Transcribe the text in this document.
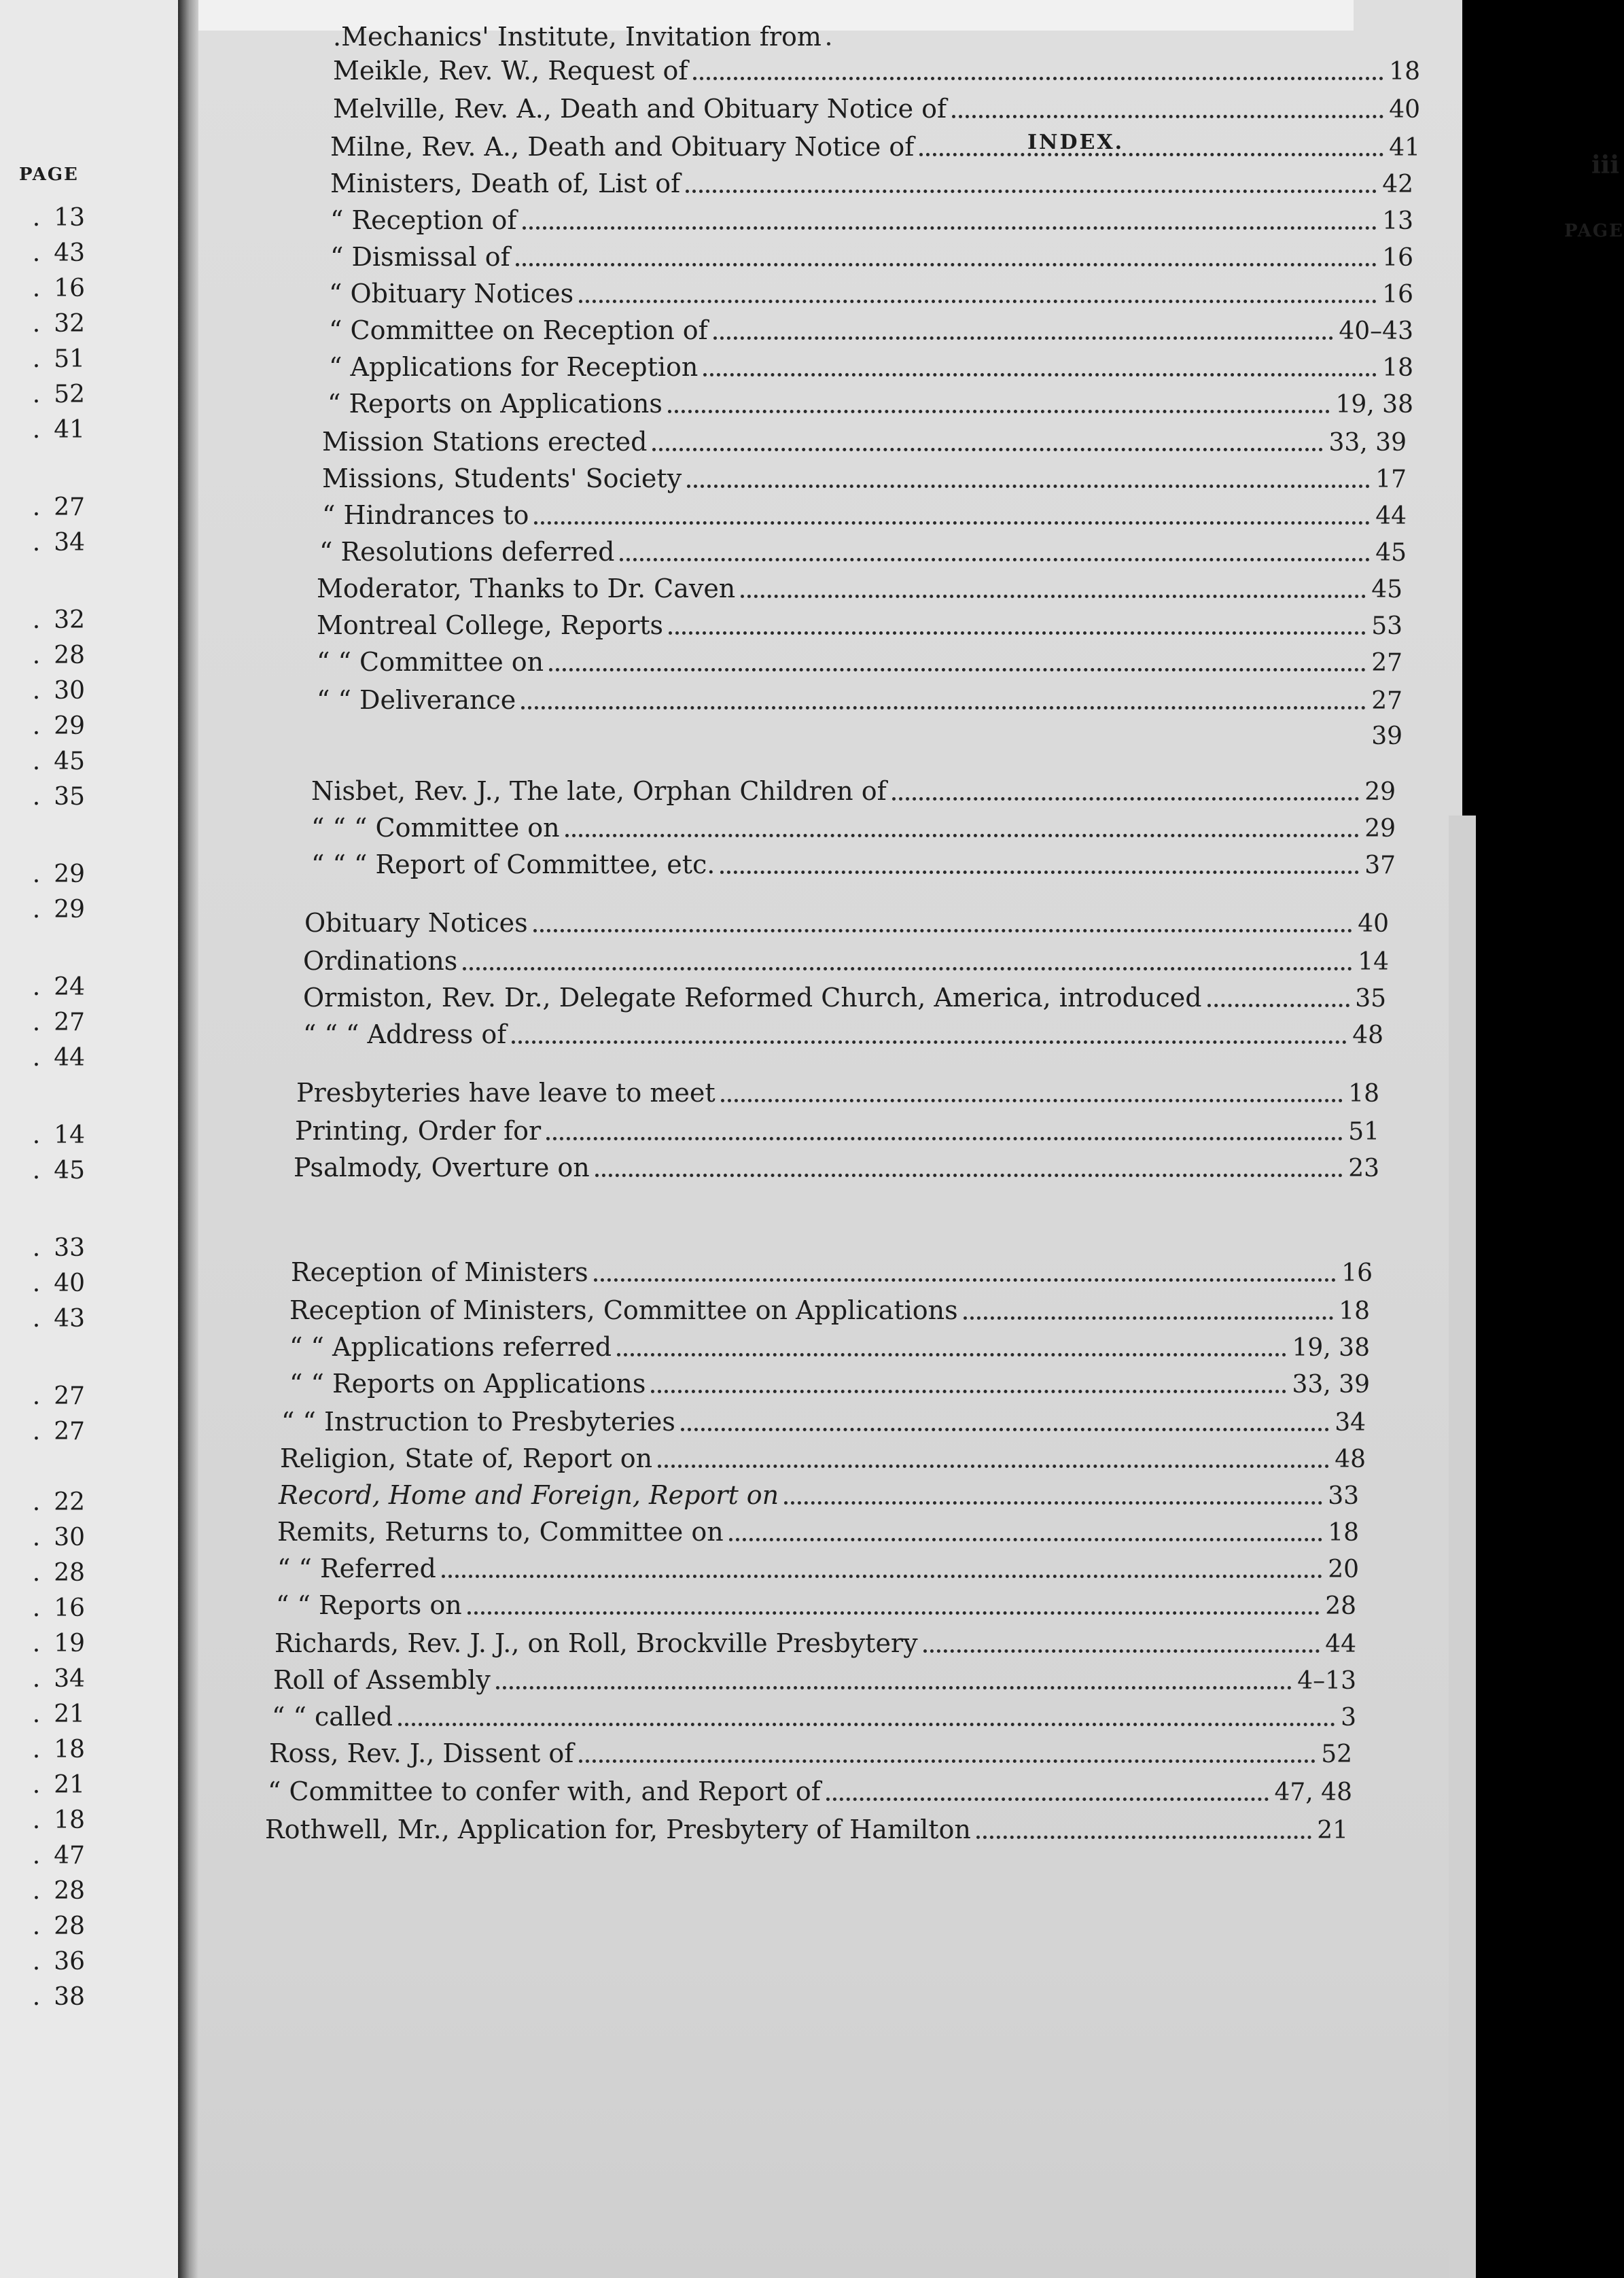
PAGE
. 13
. 43
. 16
. 32
. 51
. 52
. 41
. 27
. 34
. 32
. 28
. 30
. 29
. 45
. 35
. 29
. 29
. 24
. 27
. 44
. 14
. 45
. 33
. 40
. 43
. 27
. 27
. 22
. 30
. 28
. 16
. 19
. 34
. 21
. 18
. 21
. 18
. 47
. 28
. 28
. 36
. 38
INDEX.
iii
PAGE
.Mechanics' Institute, Invitation from
Meikle, Rev. W., Request of	18
Melville, Rev. A., Death and Obituary Notice of	40
Milne, Rev. A., Death and Obituary Notice of	41
Ministers, Death of, List of	42
“ Reception of	13
“ Dismissal of	16
“ Obituary Notices	16
“ Committee on Reception of	40–43
“ Applications for Reception	18
“ Reports on Applications	19, 38
Mission Stations erected	33, 39
Missions, Students' Society	17
“ Hindrances to	44
“ Resolutions deferred	45
Moderator, Thanks to Dr. Caven	45
Montreal College, Reports	53
“ “ Committee on	27
“ “ Deliverance	27
39
Nisbet, Rev. J., The late, Orphan Children of	29
“ “ “ Committee on	29
“ “ “ Report of Committee, etc.	37
Obituary Notices	40
Ordinations	14
Ormiston, Rev. Dr., Delegate Reformed Church, America, introduced	35
“ “ “ Address of	48
Presbyteries have leave to meet	18
Printing, Order for	51
Psalmody, Overture on	23
Reception of Ministers	16
Reception of Ministers, Committee on Applications	18
“ “ Applications referred	19, 38
“ “ Reports on Applications	33, 39
“ “ Instruction to Presbyteries	34
Religion, State of, Report on	48
Record, Home and Foreign, Report on	33
Remits, Returns to, Committee on	18
“ “ Referred	20
“ “ Reports on	28
Richards, Rev. J. J., on Roll, Brockville Presbytery	44
Roll of Assembly	4–13
“ “ called	3
Ross, Rev. J., Dissent of	52
“ Committee to confer with, and Report of	47, 48
Rothwell, Mr., Application for, Presbytery of Hamilton	21
